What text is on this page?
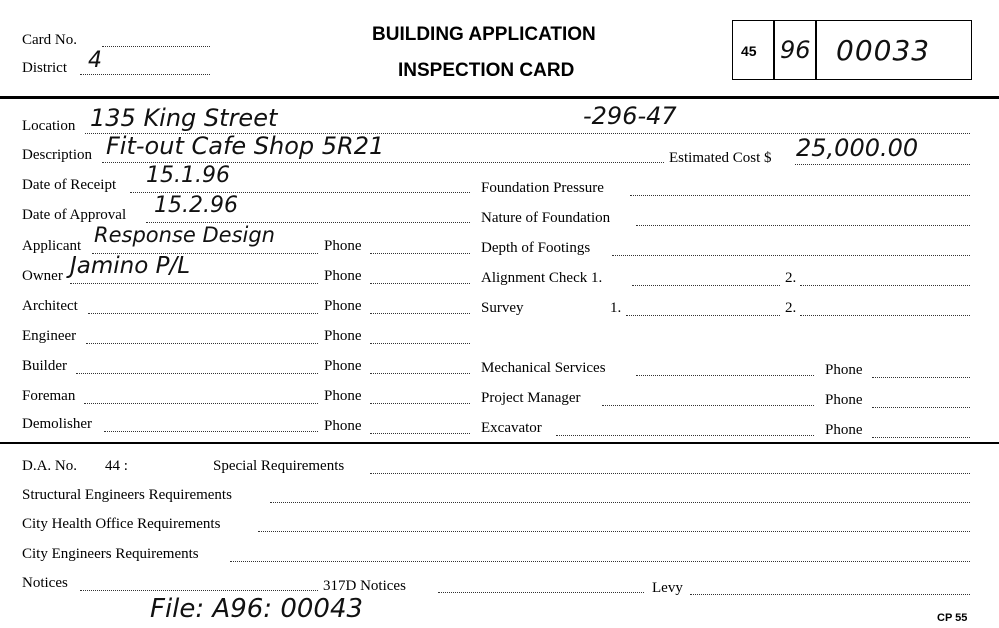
Card No.
District 4
BUILDING APPLICATION
INSPECTION CARD
45 96 00033
Location 135 King Street	-296-47
Description Fit-out Cafe Shop 5R21	Estimated Cost $ 25,000.00
Date of Receipt 15.1.96	Foundation Pressure
Date of Approval 15.2.96	Nature of Foundation
Applicant Response Design	Phone	Depth of Footings
Owner Jamino P/L	Phone	Alignment Check 1.	2.
Architect	Phone	Survey	1.	2.
Engineer	Phone
Builder	Phone	Mechanical Services	Phone
Foreman	Phone	Project Manager	Phone
Demolisher	Phone	Excavator	Phone
D.A. No. 44 :	Special Requirements
Structural Engineers Requirements
City Health Office Requirements
City Engineers Requirements
Notices	317D Notices	Levy
File: A96: 00043	CP 55
